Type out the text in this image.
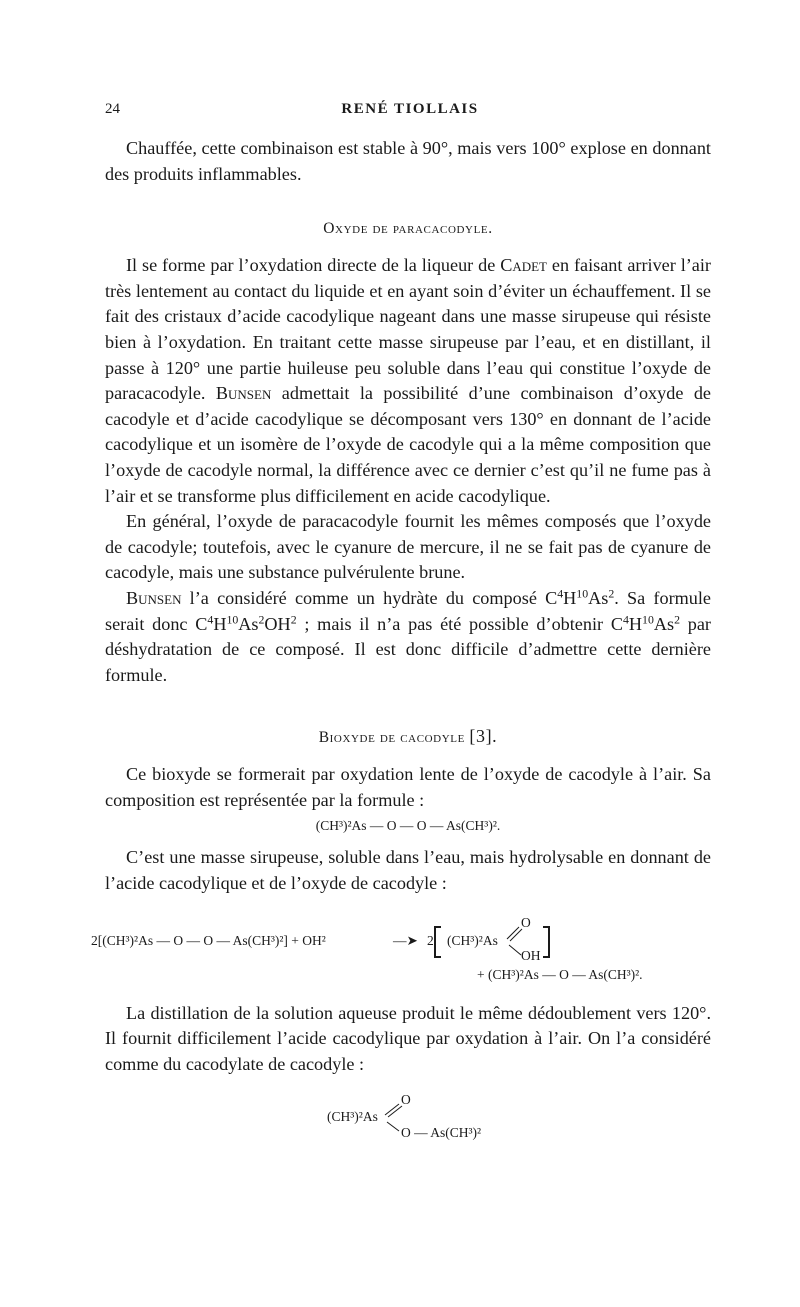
24	RENÉ TIOLLAIS

Chauffée, cette combinaison est stable à 90°, mais vers 100° explose en donnant des produits inflammables.

Oxyde de paracacodyle.

Il se forme par l’oxydation directe de la liqueur de Cadet en faisant arriver l’air très lentement au contact du liquide et en ayant soin d’éviter un échauffement. Il se fait des cristaux d’acide cacodylique nageant dans une masse sirupeuse qui résiste bien à l’oxydation. En traitant cette masse sirupeuse par l’eau, et en distillant, il passe à 120° une partie huileuse peu soluble dans l’eau qui constitue l’oxyde de paracacodyle. Bunsen admettait la possibilité d’une combinaison d’oxyde de cacodyle et d’acide cacodylique se décomposant vers 130° en donnant de l’acide cacodylique et un isomère de l’oxyde de cacodyle qui a la même composition que l’oxyde de cacodyle normal, la différence avec ce dernier c’est qu’il ne fume pas à l’air et se transforme plus difficilement en acide cacodylique.

En général, l’oxyde de paracacodyle fournit les mêmes composés que l’oxyde de cacodyle; toutefois, avec le cyanure de mercure, il ne se fait pas de cyanure de cacodyle, mais une substance pulvérulente brune.

Bunsen l’a considéré comme un hydràte du composé $C^4H^{10}As^2$. Sa formule serait donc $C^4H^{10}As^2OH^2$ ; mais il n’a pas été possible d’obtenir $C^4H^{10}As^2$ par déshydratation de ce composé. Il est donc difficile d’admettre cette dernière formule.

Bioxyde de cacodyle [3].

Ce bioxyde se formerait par oxydation lente de l’oxyde de cacodyle à l’air. Sa composition est représentée par la formule :

(CH³)²As — O — O — As(CH³)².

C’est une masse sirupeuse, soluble dans l’eau, mais hydrolysable en donnant de l’acide cacodylique et de l’oxyde de cacodyle :

2[(CH³)²As — O — O — As(CH³)²] + OH²	—➤ 2 (CH³)²As
O
OH
+ (CH³)²As — O — As(CH³)².

La distillation de la solution aqueuse produit le même dédoublement vers 120°. Il fournit difficilement l’acide cacodylique par oxydation à l’air. On l’a considéré comme du cacodylate de cacodyle :

(CH³)²As
O
O — As(CH³)²
